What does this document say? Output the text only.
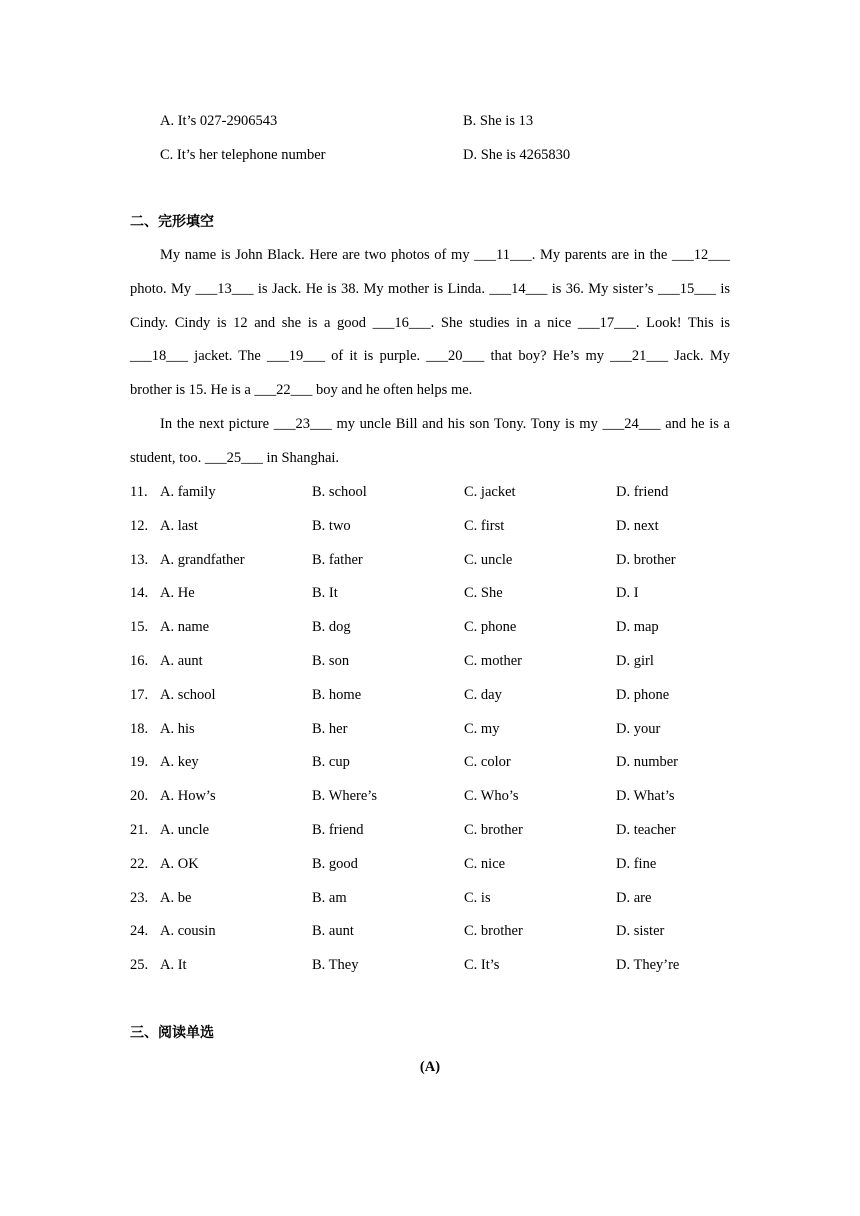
A. It’s 027-2906543	B. She is 13
C. It’s her telephone number	D. She is 4265830
二、完形填空

My name is John Black. Here are two photos of my ___11___. My parents are in the ___12___ photo. My ___13___ is Jack. He is 38. My mother is Linda. ___14___ is 36. My sister’s ___15___ is Cindy. Cindy is 12 and she is a good ___16___. She studies in a nice ___17___. Look! This is ___18___ jacket. The ___19___ of it is purple. ___20___ that boy? He’s my ___21___ Jack. My brother is 15. He is a ___22___ boy and he often helps me.

In the next picture ___23___ my uncle Bill and his son Tony. Tony is my ___24___ and he is a student, too. ___25___ in Shanghai.

11. A. family	B. school	C. jacket	D. friend
12. A. last	B. two	C. first	D. next
13. A. grandfather	B. father	C. uncle	D. brother
14. A. He	B. It	C. She	D. I
15. A. name	B. dog	C. phone	D. map
16. A. aunt	B. son	C. mother	D. girl
17. A. school	B. home	C. day	D. phone
18. A. his	B. her	C. my	D. your
19. A. key	B. cup	C. color	D. number
20. A. How’s	B. Where’s	C. Who’s	D. What’s
21. A. uncle	B. friend	C. brother	D. teacher
22. A. OK	B. good	C. nice	D. fine
23. A. be	B. am	C. is	D. are
24. A. cousin	B. aunt	C. brother	D. sister
25. A. It	B. They	C. It’s	D. They’re
三、阅读单选
(A)
